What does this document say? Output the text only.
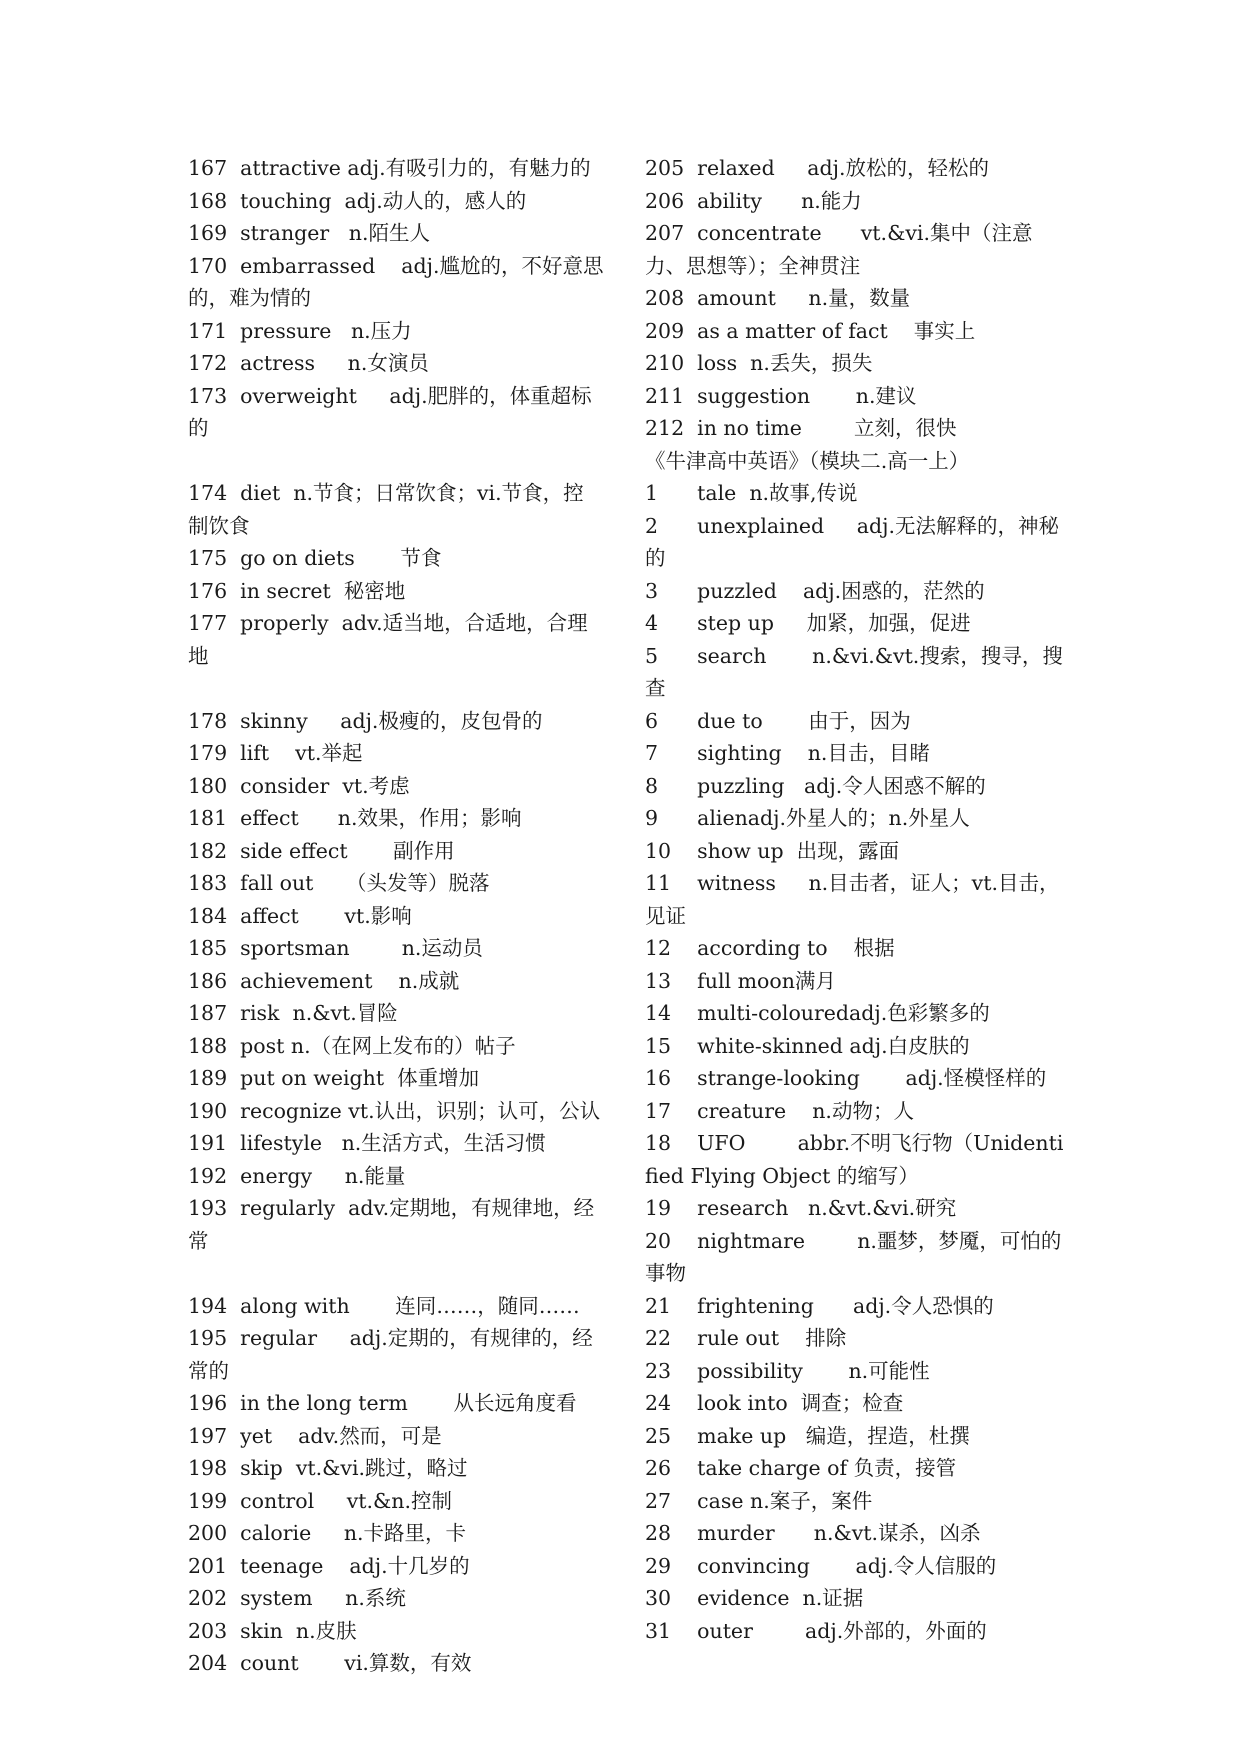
167  attractive adj.有吸引力的，有魅力的

168  touching  adj.动人的，感人的

169  stranger   n.陌生人

170  embarrassed    adj.尴尬的，不好意思的，难为情的

171  pressure   n.压力

172  actress     n.女演员

173  overweight     adj.肥胖的，体重超标的

174  diet  n.节食；日常饮食；vi.节食，控制饮食

175  go on diets       节食

176  in secret  秘密地

177  properly  adv.适当地，合适地，合理地

178  skinny     adj.极瘦的，皮包骨的

179  lift    vt.举起

180  consider  vt.考虑

181  effect      n.效果，作用；影响

182  side effect       副作用

183  fall out     （头发等）脱落

184  affect       vt.影响

185  sportsman        n.运动员

186  achievement    n.成就

187  risk  n.&vt.冒险

188  post n.（在网上发布的）帖子

189  put on weight  体重增加

190  recognize vt.认出，识别；认可，公认

191  lifestyle   n.生活方式，生活习惯

192  energy     n.能量

193  regularly  adv.定期地，有规律地，经常

194  along with       连同……，随同……

195  regular     adj.定期的，有规律的，经常的

196  in the long term       从长远角度看

197  yet    adv.然而，可是

198  skip  vt.&vi.跳过，略过

199  control     vt.&n.控制

200  calorie     n.卡路里，卡

201  teenage    adj.十几岁的

202  system     n.系统

203  skin  n.皮肤

204  count       vi.算数，有效

205  relaxed     adj.放松的，轻松的

206  ability      n.能力

207  concentrate      vt.&vi.集中（注意力、思想等）；全神贯注

208  amount     n.量，数量

209  as a matter of fact    事实上

210  loss  n.丢失，损失

211  suggestion       n.建议

212  in no time        立刻，很快

《牛津高中英语》（模块二.高一上）

1      tale  n.故事,传说

2      unexplained     adj.无法解释的，神秘的

3      puzzled    adj.困惑的，茫然的

4      step up     加紧，加强，促进

5      search       n.&vi.&vt.搜索，搜寻，搜查

6      due to       由于，因为

7      sighting    n.目击，目睹

8      puzzling   adj.令人困惑不解的

9      alienadj.外星人的；n.外星人

10    show up  出现，露面

11    witness     n.目击者，证人；vt.目击，见证

12    according to    根据

13    full moon满月

14    multi-colouredadj.色彩繁多的

15    white-skinned adj.白皮肤的

16    strange-looking       adj.怪模怪样的

17    creature    n.动物；人

18    UFO        abbr.不明飞行物（Unidentified Flying Object 的缩写）

19    research   n.&vt.&vi.研究

20    nightmare        n.噩梦，梦魇，可怕的事物

21    frightening      adj.令人恐惧的

22    rule out    排除

23    possibility       n.可能性

24    look into  调查；检查

25    make up   编造，捏造，杜撰

26    take charge of 负责，接管

27    case n.案子，案件

28    murder      n.&vt.谋杀，凶杀

29    convincing       adj.令人信服的

30    evidence  n.证据

31    outer        adj.外部的，外面的
